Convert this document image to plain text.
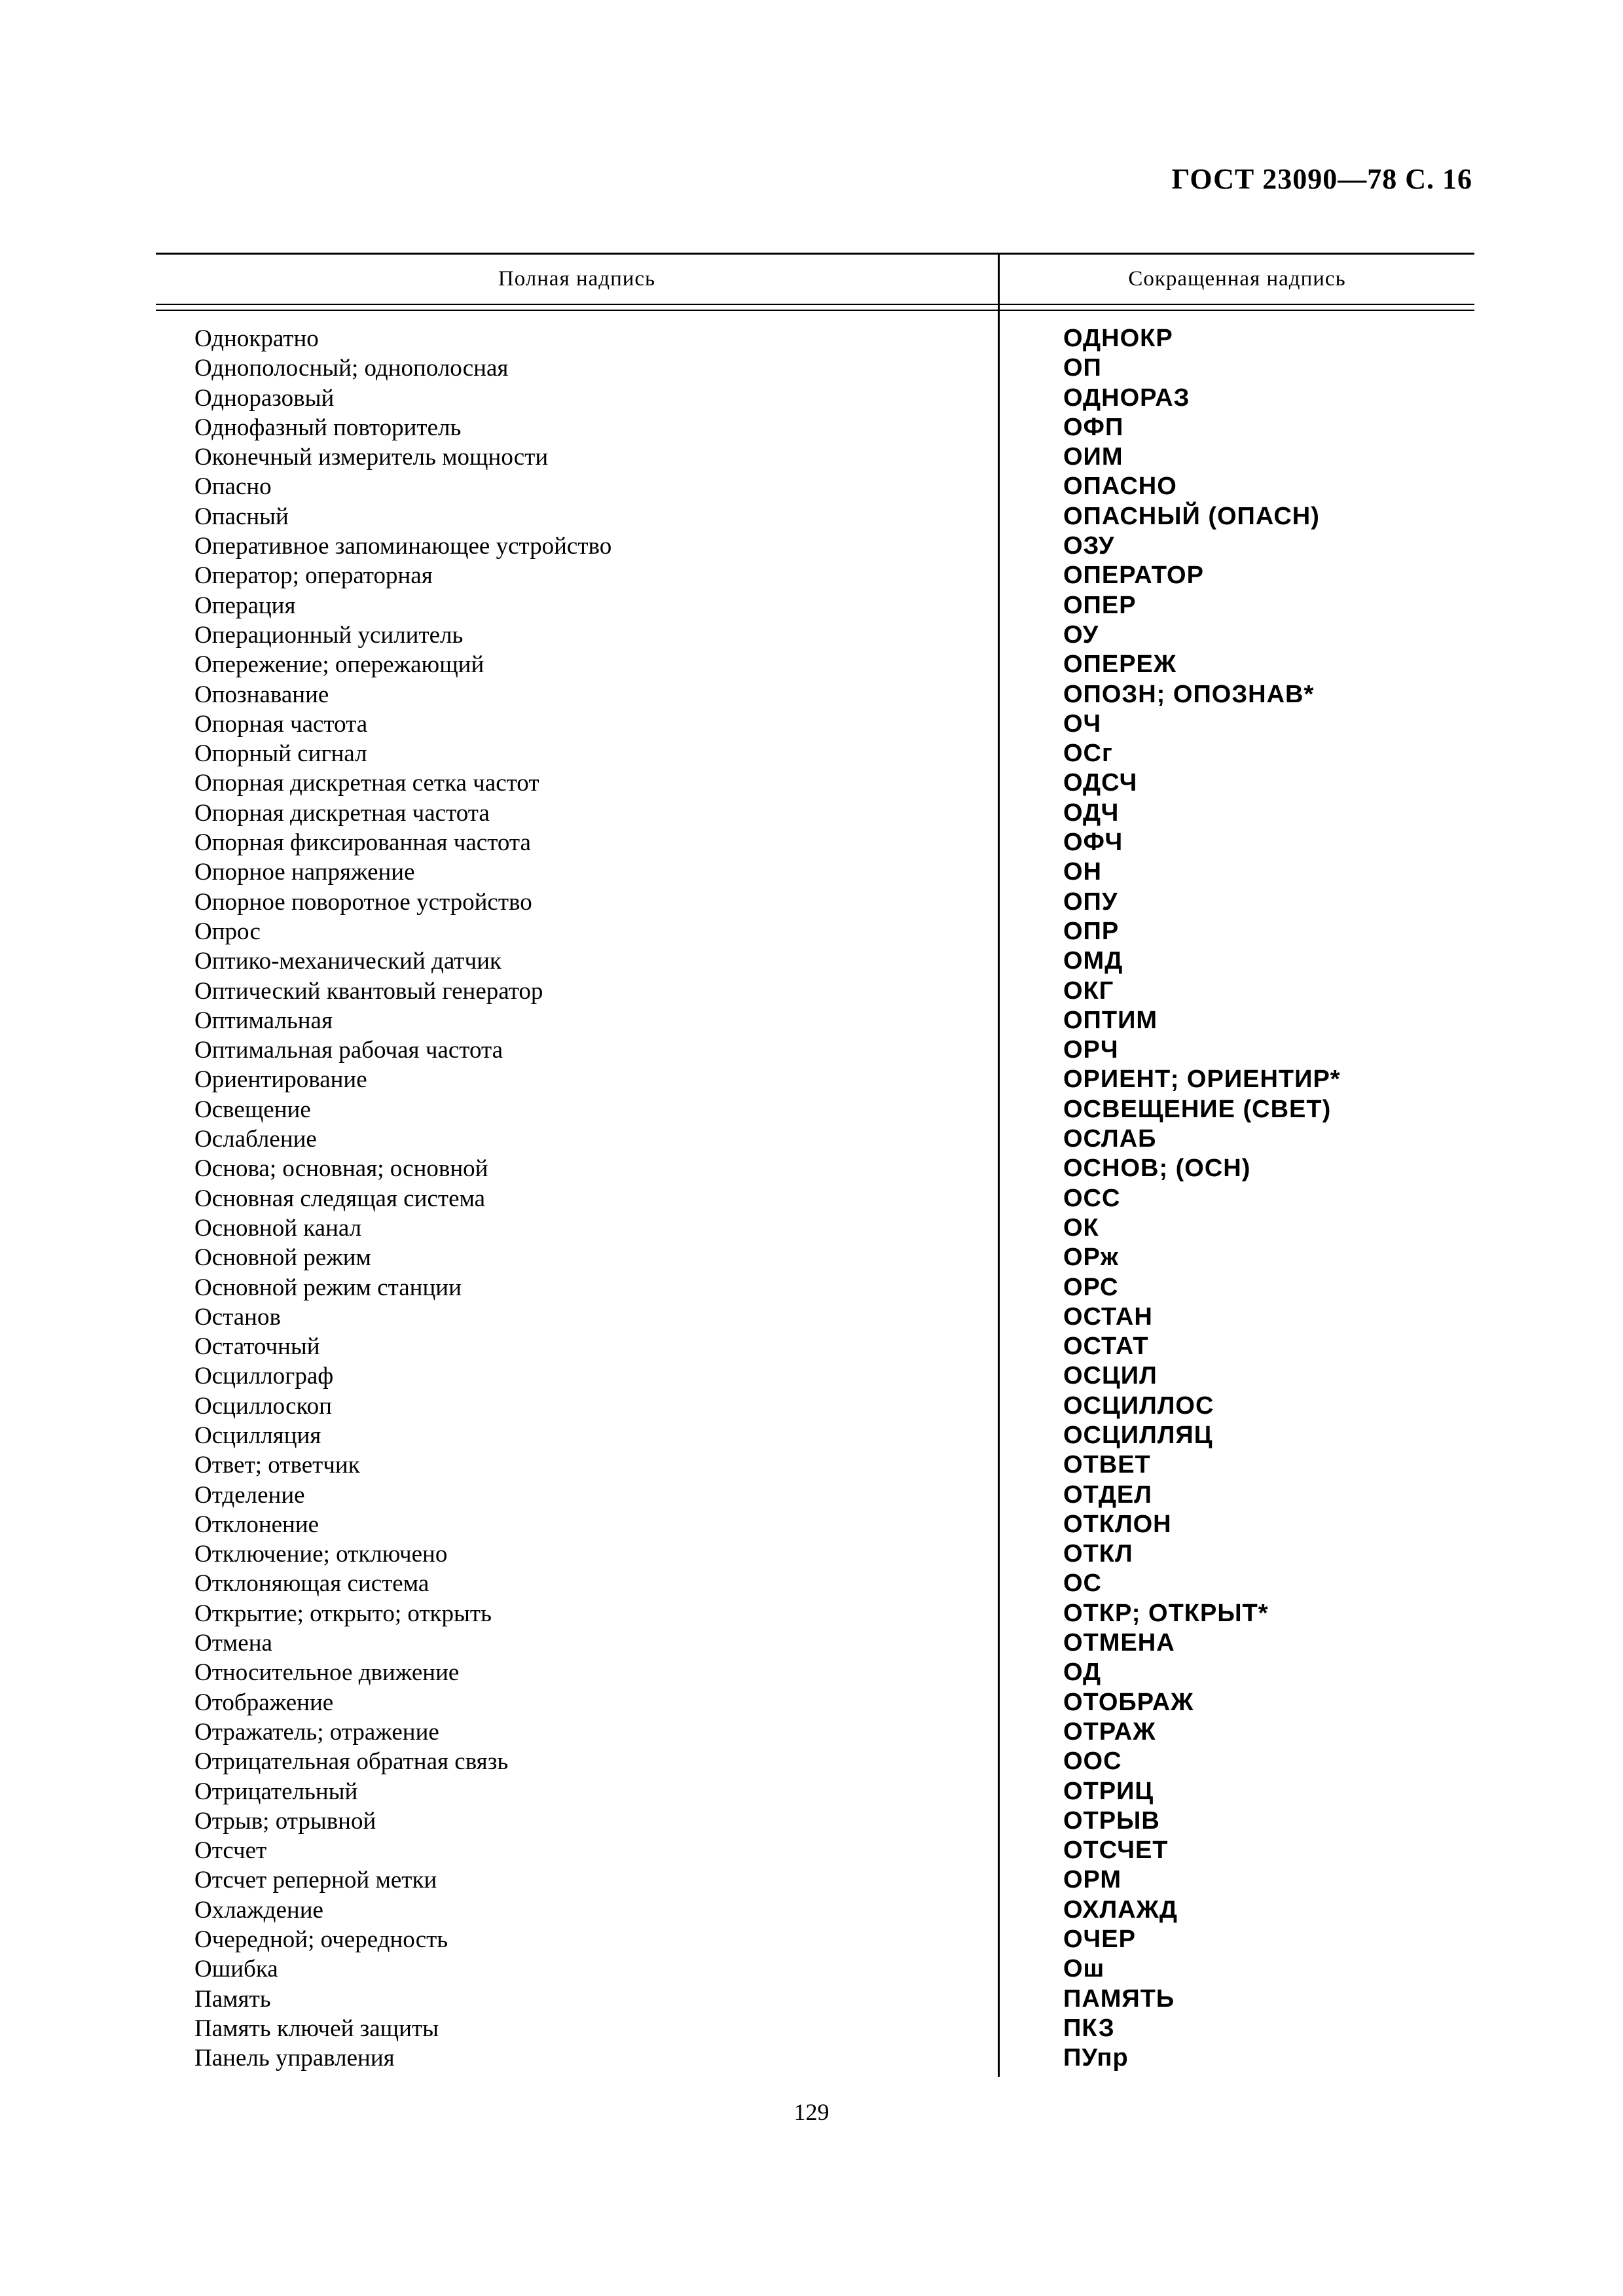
ГОСТ 23090—78 С. 16
Полная надпись	Сокращенная надпись
Однократно	ОДНОКР
Однополосный; однополосная	ОП
Одноразовый	ОДНОРАЗ
Однофазный повторитель	ОФП
Оконечный измеритель мощности	ОИМ
Опасно	ОПАСНО
Опасный	ОПАСНЫЙ (ОПАСН)
Оперативное запоминающее устройство	ОЗУ
Оператор; операторная	ОПЕРАТОР
Операция	ОПЕР
Операционный усилитель	ОУ
Опережение; опережающий	ОПЕРЕЖ
Опознавание	ОПОЗН; ОПОЗНАВ*
Опорная частота	ОЧ
Опорный сигнал	ОСг
Опорная дискретная сетка частот	ОДСЧ
Опорная дискретная частота	ОДЧ
Опорная фиксированная частота	ОФЧ
Опорное напряжение	ОН
Опорное поворотное устройство	ОПУ
Опрос	ОПР
Оптико-механический датчик	ОМД
Оптический квантовый генератор	ОКГ
Оптимальная	ОПТИМ
Оптимальная рабочая частота	ОРЧ
Ориентирование	ОРИЕНТ; ОРИЕНТИР*
Освещение	ОСВЕЩЕНИЕ (СВЕТ)
Ослабление	ОСЛАБ
Основа; основная; основной	ОСНОВ; (ОСН)
Основная следящая система	ОСС
Основной канал	ОК
Основной режим	ОРж
Основной режим станции	ОРС
Останов	ОСТАН
Остаточный	ОСТАТ
Осциллограф	ОСЦИЛ
Осциллоскоп	ОСЦИЛЛОС
Осцилляция	ОСЦИЛЛЯЦ
Ответ; ответчик	ОТВЕТ
Отделение	ОТДЕЛ
Отклонение	ОТКЛОН
Отключение; отключено	ОТКЛ
Отклоняющая система	ОС
Открытие; открыто; открыть	ОТКР; ОТКРЫТ*
Отмена	ОТМЕНА
Относительное движение	ОД
Отображение	ОТОБРАЖ
Отражатель; отражение	ОТРАЖ
Отрицательная обратная связь	ООС
Отрицательный	ОТРИЦ
Отрыв; отрывной	ОТРЫВ
Отсчет	ОТСЧЕТ
Отсчет реперной метки	ОРМ
Охлаждение	ОХЛАЖД
Очередной; очередность	ОЧЕР
Ошибка	Ош
Память	ПАМЯТЬ
Память ключей защиты	ПКЗ
Панель управления	ПУпр
129
